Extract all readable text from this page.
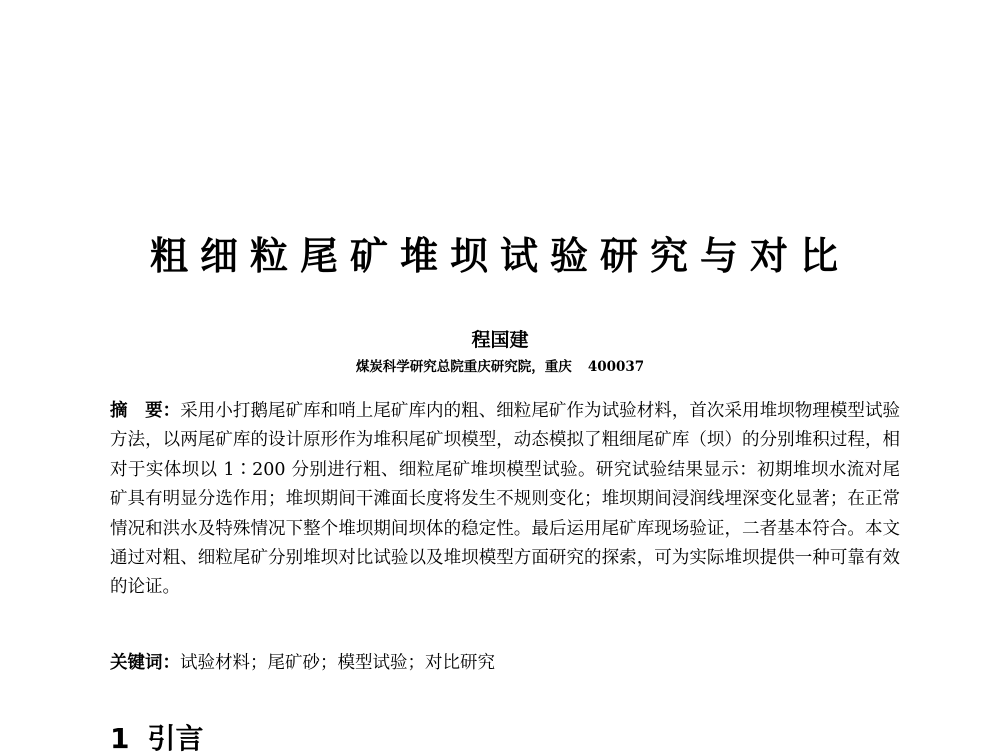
粗细粒尾矿堆坝试验研究与对比
程国建
煤炭科学研究总院重庆研究院，重庆 400037
摘　要：采用小打鹅尾矿库和哨上尾矿库内的粗、细粒尾矿作为试验材料，首次采用堆坝物理模型试验方法，以两尾矿库的设计原形作为堆积尾矿坝模型，动态模拟了粗细尾矿库（坝）的分别堆积过程，相对于实体坝以 1∶200 分别进行粗、细粒尾矿堆坝模型试验。研究试验结果显示：初期堆坝水流对尾矿具有明显分选作用；堆坝期间干滩面长度将发生不规则变化；堆坝期间浸润线埋深变化显著；在正常情况和洪水及特殊情况下整个堆坝期间坝体的稳定性。最后运用尾矿库现场验证，二者基本符合。本文通过对粗、细粒尾矿分别堆坝对比试验以及堆坝模型方面研究的探索，可为实际堆坝提供一种可靠有效的论证。
关键词：试验材料；尾矿砂；模型试验；对比研究
1 引言
